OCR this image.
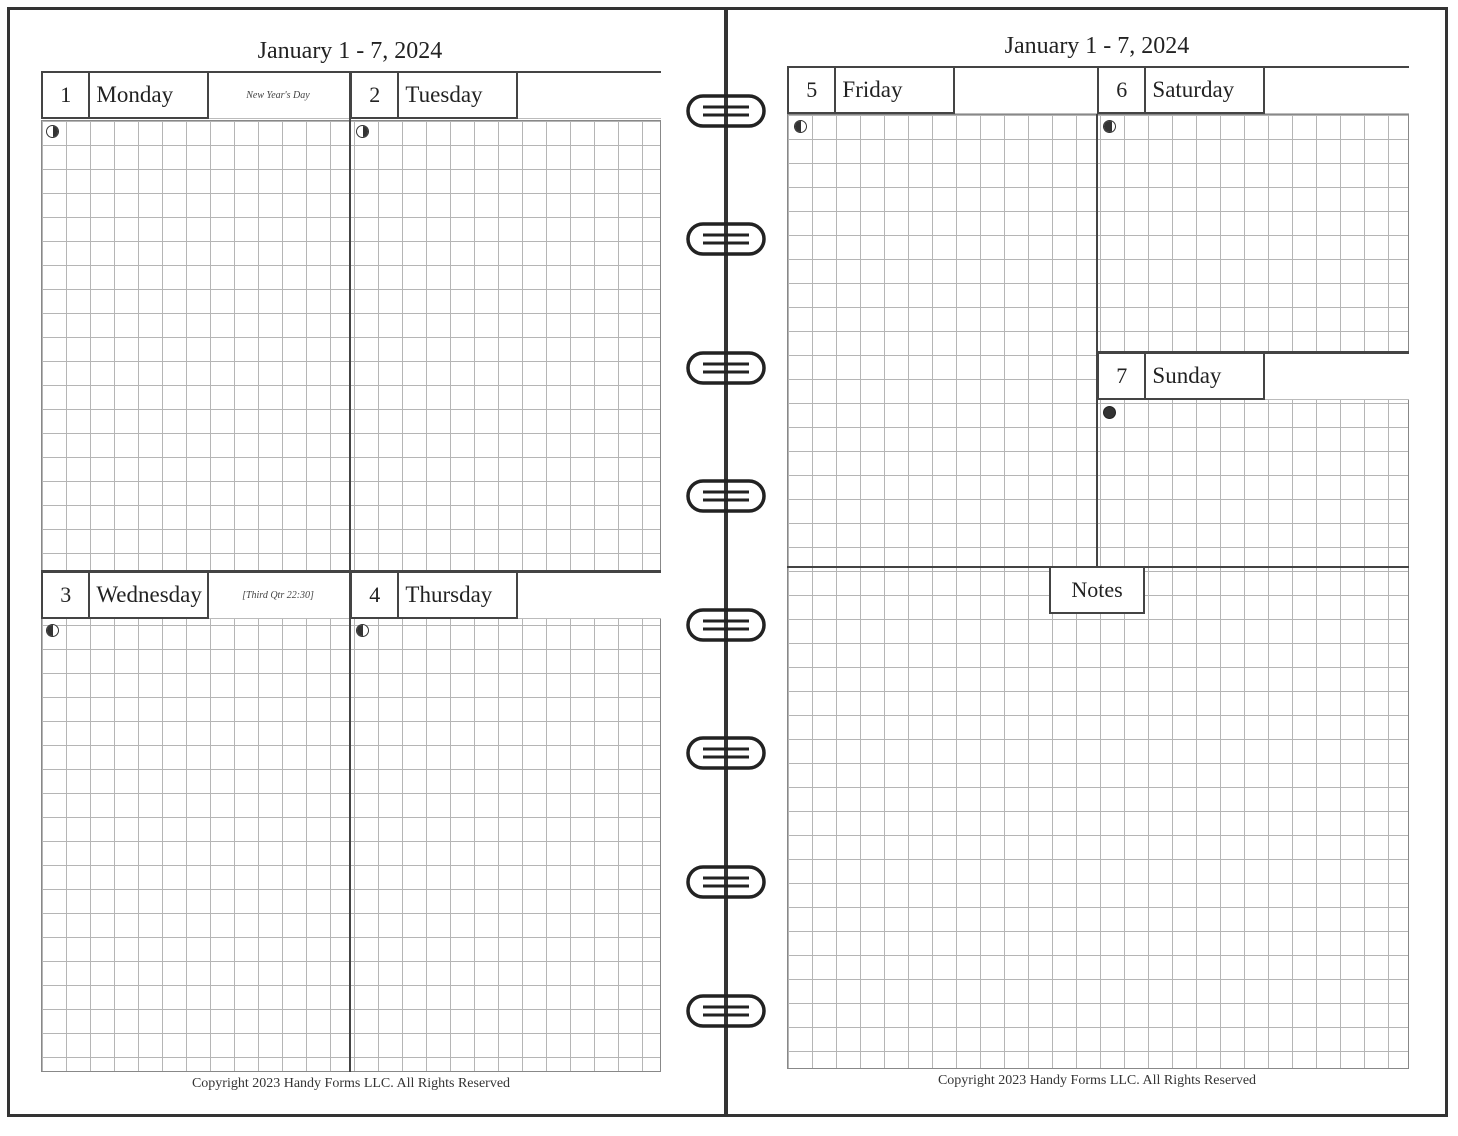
January 1 - 7, 2024
New Year's Day
1	Monday	2	Tuesday
[Third Qtr 22:30]
3	Wednesday	4	Thursday
Copyright 2023 Handy Forms LLC. All Rights Reserved
January 1 - 7, 2024
5	Friday	6	Saturday
7	Sunday
Notes
Copyright 2023 Handy Forms LLC. All Rights Reserved
